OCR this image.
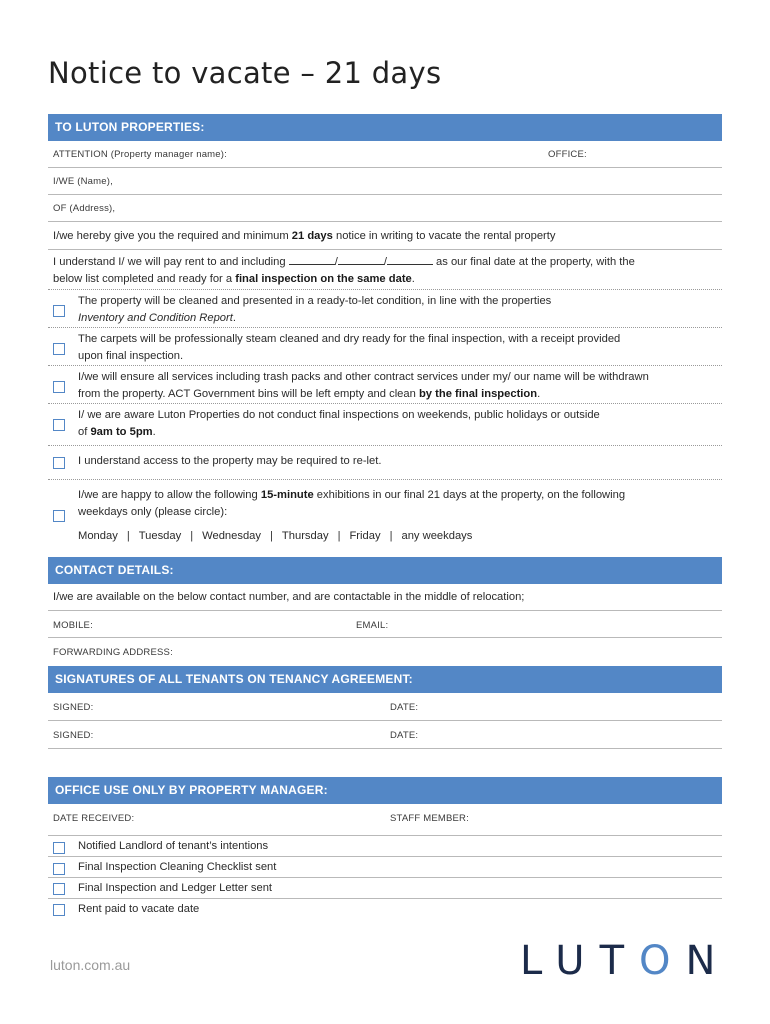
Notice to vacate – 21 days
TO LUTON PROPERTIES:
ATTENTION (Property manager name):	OFFICE:
I/WE (Name),
OF (Address),
I/we hereby give you the required and minimum 21 days notice in writing to vacate the rental property
I understand I/ we will pay rent to and including	/	/	as our final date at the property, with the
below list completed and ready for a final inspection on the same date.
The property will be cleaned and presented in a ready-to-let condition, in line with the properties
Inventory and Condition Report.
The carpets will be professionally steam cleaned and dry ready for the final inspection, with a receipt provided
upon final inspection.
I/we will ensure all services including trash packs and other contract services under my/ our name will be withdrawn
from the property. ACT Government bins will be left empty and clean by the final inspection.
I/ we are aware Luton Properties do not conduct final inspections on weekends, public holidays or outside
of 9am to 5pm.
I understand access to the property may be required to re-let.
I/we are happy to allow the following 15-minute exhibitions in our final 21 days at the property, on the following
weekdays only (please circle):
Monday | Tuesday | Wednesday | Thursday | Friday | any weekdays
CONTACT DETAILS:
I/we are available on the below contact number, and are contactable in the middle of relocation;
MOBILE:	EMAIL:
FORWARDING ADDRESS:
SIGNATURES OF ALL TENANTS ON TENANCY AGREEMENT:
SIGNED:	DATE:
SIGNED:	DATE:
OFFICE USE ONLY BY PROPERTY MANAGER:
DATE RECEIVED:	STAFF MEMBER:
Notified Landlord of tenant’s intentions
Final Inspection Cleaning Checklist sent
Final Inspection and Ledger Letter sent
Rent paid to vacate date
luton.com.au	LUTON
